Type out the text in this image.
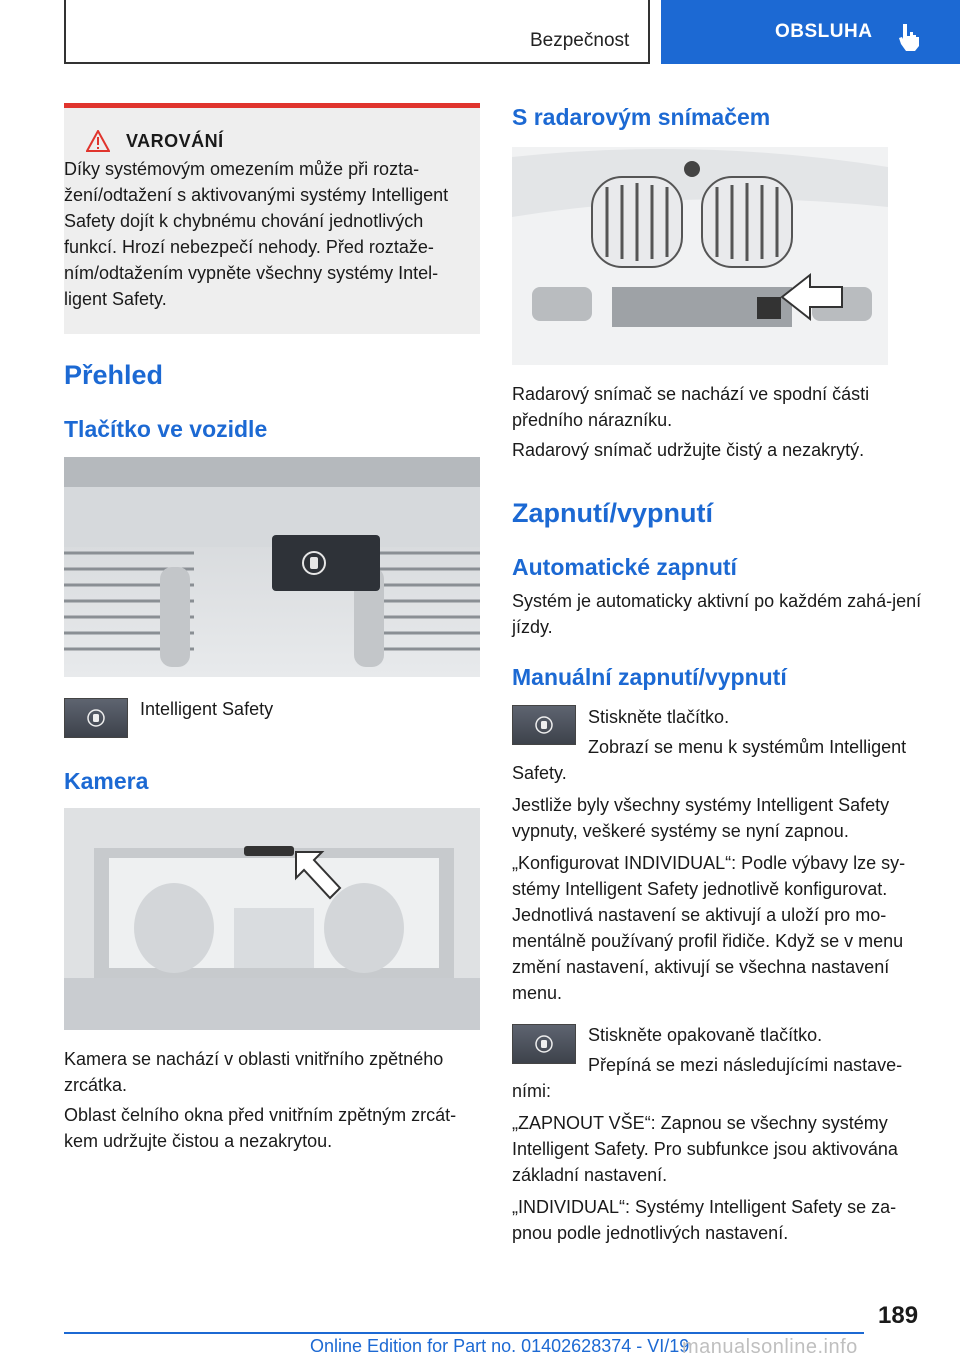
Bezpečnost	OBSLUHA
VAROVÁNÍ

Díky systémovým omezením může při rozta-žení/odtažení s aktivovanými systémy Intelligent Safety dojít k chybnému chování jednotlivých funkcí. Hrozí nebezpečí nehody. Před roztaže-ním/odtažením vypněte všechny systémy Intel-ligent Safety.

Přehled
Tlačítko ve vozidle
Intelligent Safety
Kamera
Kamera se nachází v oblasti vnitřního zpětného zrcátka.
Oblast čelního okna před vnitřním zpětným zrcát-kem udržujte čistou a nezakrytou.
S radarovým snímačem
Radarový snímač se nachází ve spodní části předního nárazníku.
Radarový snímač udržujte čistý a nezakrytý.
Zapnutí/vypnutí
Automatické zapnutí
Systém je automaticky aktivní po každém zahá-jení jízdy.
Manuální zapnutí/vypnutí
Stiskněte tlačítko.
Zobrazí se menu k systémům Intelligent
Safety.
Jestliže byly všechny systémy Intelligent Safety vypnuty, veškeré systémy se nyní zapnou.
„Konfigurovat INDIVIDUAL“: Podle výbavy lze sy-stémy Intelligent Safety jednotlivě konfigurovat. Jednotlivá nastavení se aktivují a uloží pro mo-mentálně používaný profil řidiče. Když se v menu změní nastavení, aktivují se všechna nastavení menu.
Stiskněte opakovaně tlačítko.
Přepíná se mezi následujícími nastave-
ními:
„ZAPNOUT VŠE“: Zapnou se všechny systémy Intelligent Safety. Pro subfunkce jsou aktivována základní nastavení.
„INDIVIDUAL“: Systémy Intelligent Safety se za-pnou podle jednotlivých nastavení.
189
Online Edition for Part no. 01402628374 - VI/19
manualsonline.info
